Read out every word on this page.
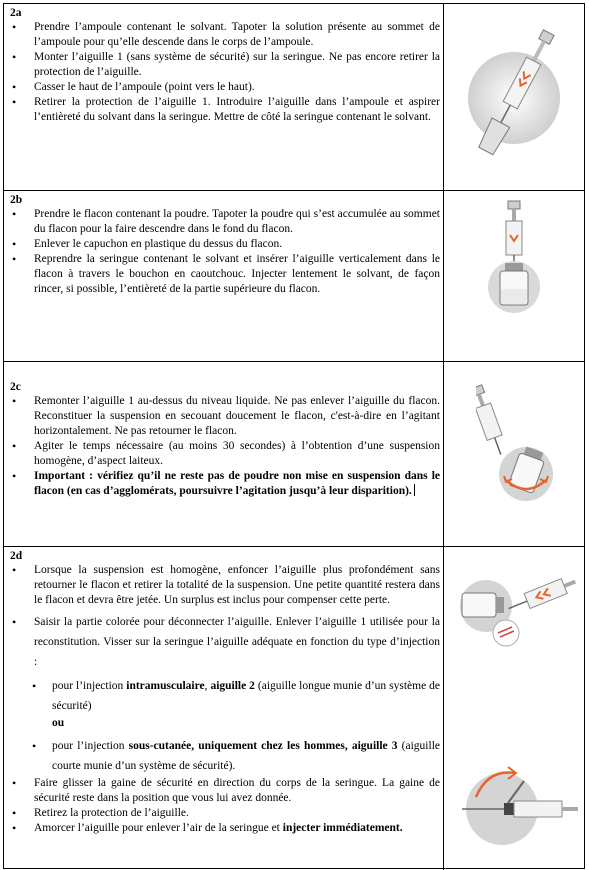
2a
• Prendre l’ampoule contenant le solvant. Tapoter la solution présente au sommet de l’ampoule pour qu’elle descende dans le corps de l’ampoule.
• Monter l’aiguille 1 (sans système de sécurité) sur la seringue. Ne pas encore retirer la protection de l’aiguille.
• Casser le haut de l’ampoule (point vers le haut).
• Retirer la protection de l’aiguille 1. Introduire l’aiguille dans l’ampoule et aspirer l’entièreté du solvant dans la seringue. Mettre de côté la seringue contenant le solvant.
2b
• Prendre le flacon contenant la poudre. Tapoter la poudre qui s’est accumulée au sommet du flacon pour la faire descendre dans le fond du flacon.
• Enlever le capuchon en plastique du dessus du flacon.
• Reprendre la seringue contenant le solvant et insérer l’aiguille verticalement dans le flacon à travers le bouchon en caoutchouc. Injecter lentement le solvant, de façon rincer, si possible, l’entièreté de la partie supérieure du flacon.
2c
• Remonter l’aiguille 1 au-dessus du niveau liquide. Ne pas enlever l’aiguille du flacon. Reconstituer la suspension en secouant doucement le flacon, c'est-à-dire en l’agitant horizontalement. Ne pas retourner le flacon.
• Agiter le temps nécessaire (au moins 30 secondes) à l’obtention d’une suspension homogène, d’aspect laiteux.
• Important : vérifiez qu’il ne reste pas de poudre non mise en suspension dans le flacon (en cas d’agglomérats, poursuivre l’agitation jusqu’à leur disparition).
2d
• Lorsque la suspension est homogène, enfoncer l’aiguille plus profondément sans retourner le flacon et retirer la totalité de la suspension. Une petite quantité restera dans le flacon et devra être jetée. Un surplus est inclus pour compenser cette perte.
• Saisir la partie colorée pour déconnecter l’aiguille. Enlever l’aiguille 1 utilisée pour la reconstitution. Visser sur la seringue l’aiguille adéquate en fonction du type d’injection :
• pour l’injection intramusculaire, aiguille 2 (aiguille longue munie d’un système de sécurité)
ou
• pour l’injection sous-cutanée, uniquement chez les hommes, aiguille 3 (aiguille courte munie d’un système de sécurité).
• Faire glisser la gaine de sécurité en direction du corps de la seringue. La gaine de sécurité reste dans la position que vous lui avez donnée.
• Retirez la protection de l’aiguille.
• Amorcer l’aiguille pour enlever l’air de la seringue et injecter immédiatement.
